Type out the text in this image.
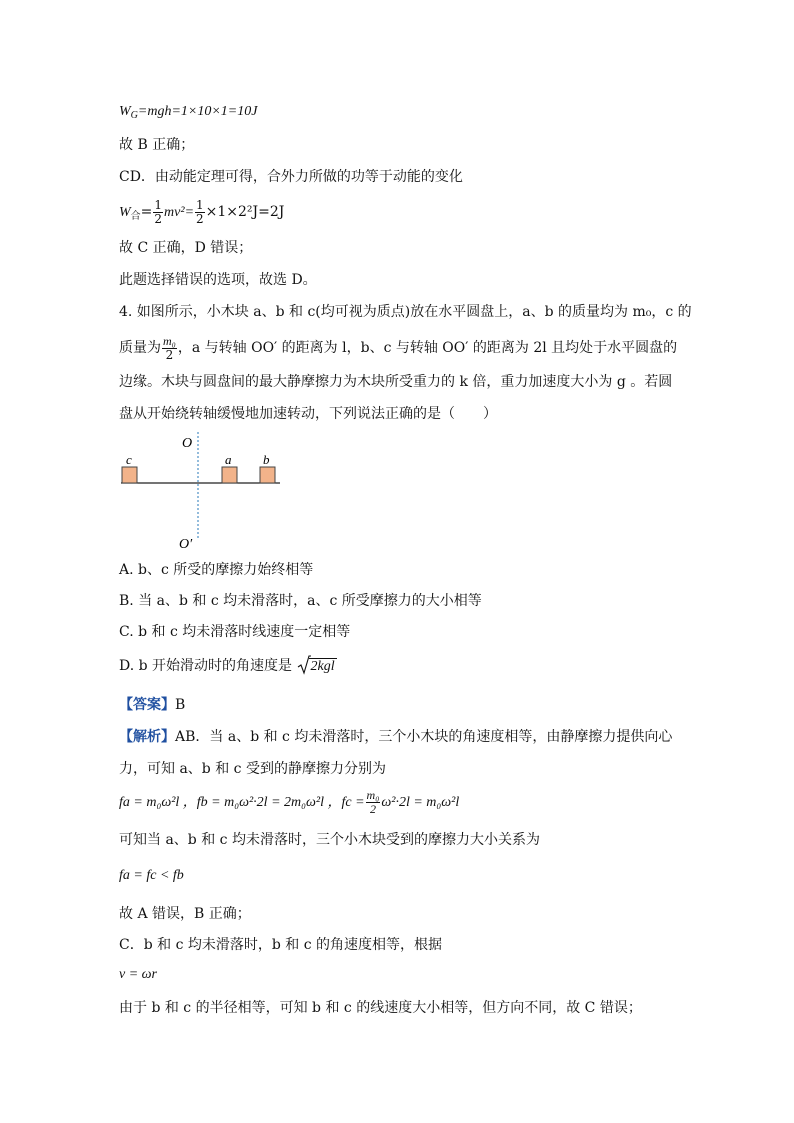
$W_G=mgh=1\times 10\times 1=10J$
故 B 正确；
CD．由动能定理可得，合外力所做的功等于动能的变化
$W_合= \frac{1}{2} mv^2= \frac{1}{2} \times 1\times 2^2J=2J$
故 C 正确，D 错误；
此题选择错误的选项，故选 D。
4. 如图所示，小木块 a、b 和 c(均可视为质点)放在水平圆盘上，a、b 的质量均为 m₀，c 的
质量为 $\frac{\text{m₀}}{2}$ ，a 与转轴 OO′ 的距离为 l，b、c 与转轴 OO′ 的距离为 2l 且均处于水平圆盘的
边缘。木块与圆盘间的最大静摩擦力为木块所受重力的 k 倍，重力加速度大小为 g 。若圆
盘从开始绕转轴缓慢地加速转动，下列说法正确的是（　　）
O
O′
c	a b
A. b、c 所受的摩擦力始终相等
B. 当 a、b 和 c 均未滑落时，a、c 所受摩擦力的大小相等
C. b 和 c 均未滑落时线速度一定相等
D. b 开始滑动时的角速度是 2kgl
【答案】B
【解析】AB．当 a、b 和 c 均未滑落时，三个小木块的角速度相等，由静摩擦力提供向心
力，可知 a、b 和 c 受到的静摩擦力分别为
fa = m₀ω²l ，fb = m₀ω²·2l = 2m₀ω²l ，fc = $\frac{\text{m₀}}{2} \omega^2\cdot 2l = m_0\omega^2l$
可知当 a、b 和 c 均未滑落时，三个小木块受到的摩擦力大小关系为
fa = fc < fb
故 A 错误，B 正确；
C．b 和 c 均未滑落时，b 和 c 的角速度相等，根据
v = ωr
由于 b 和 c 的半径相等，可知 b 和 c 的线速度大小相等，但方向不同，故 C 错误；
